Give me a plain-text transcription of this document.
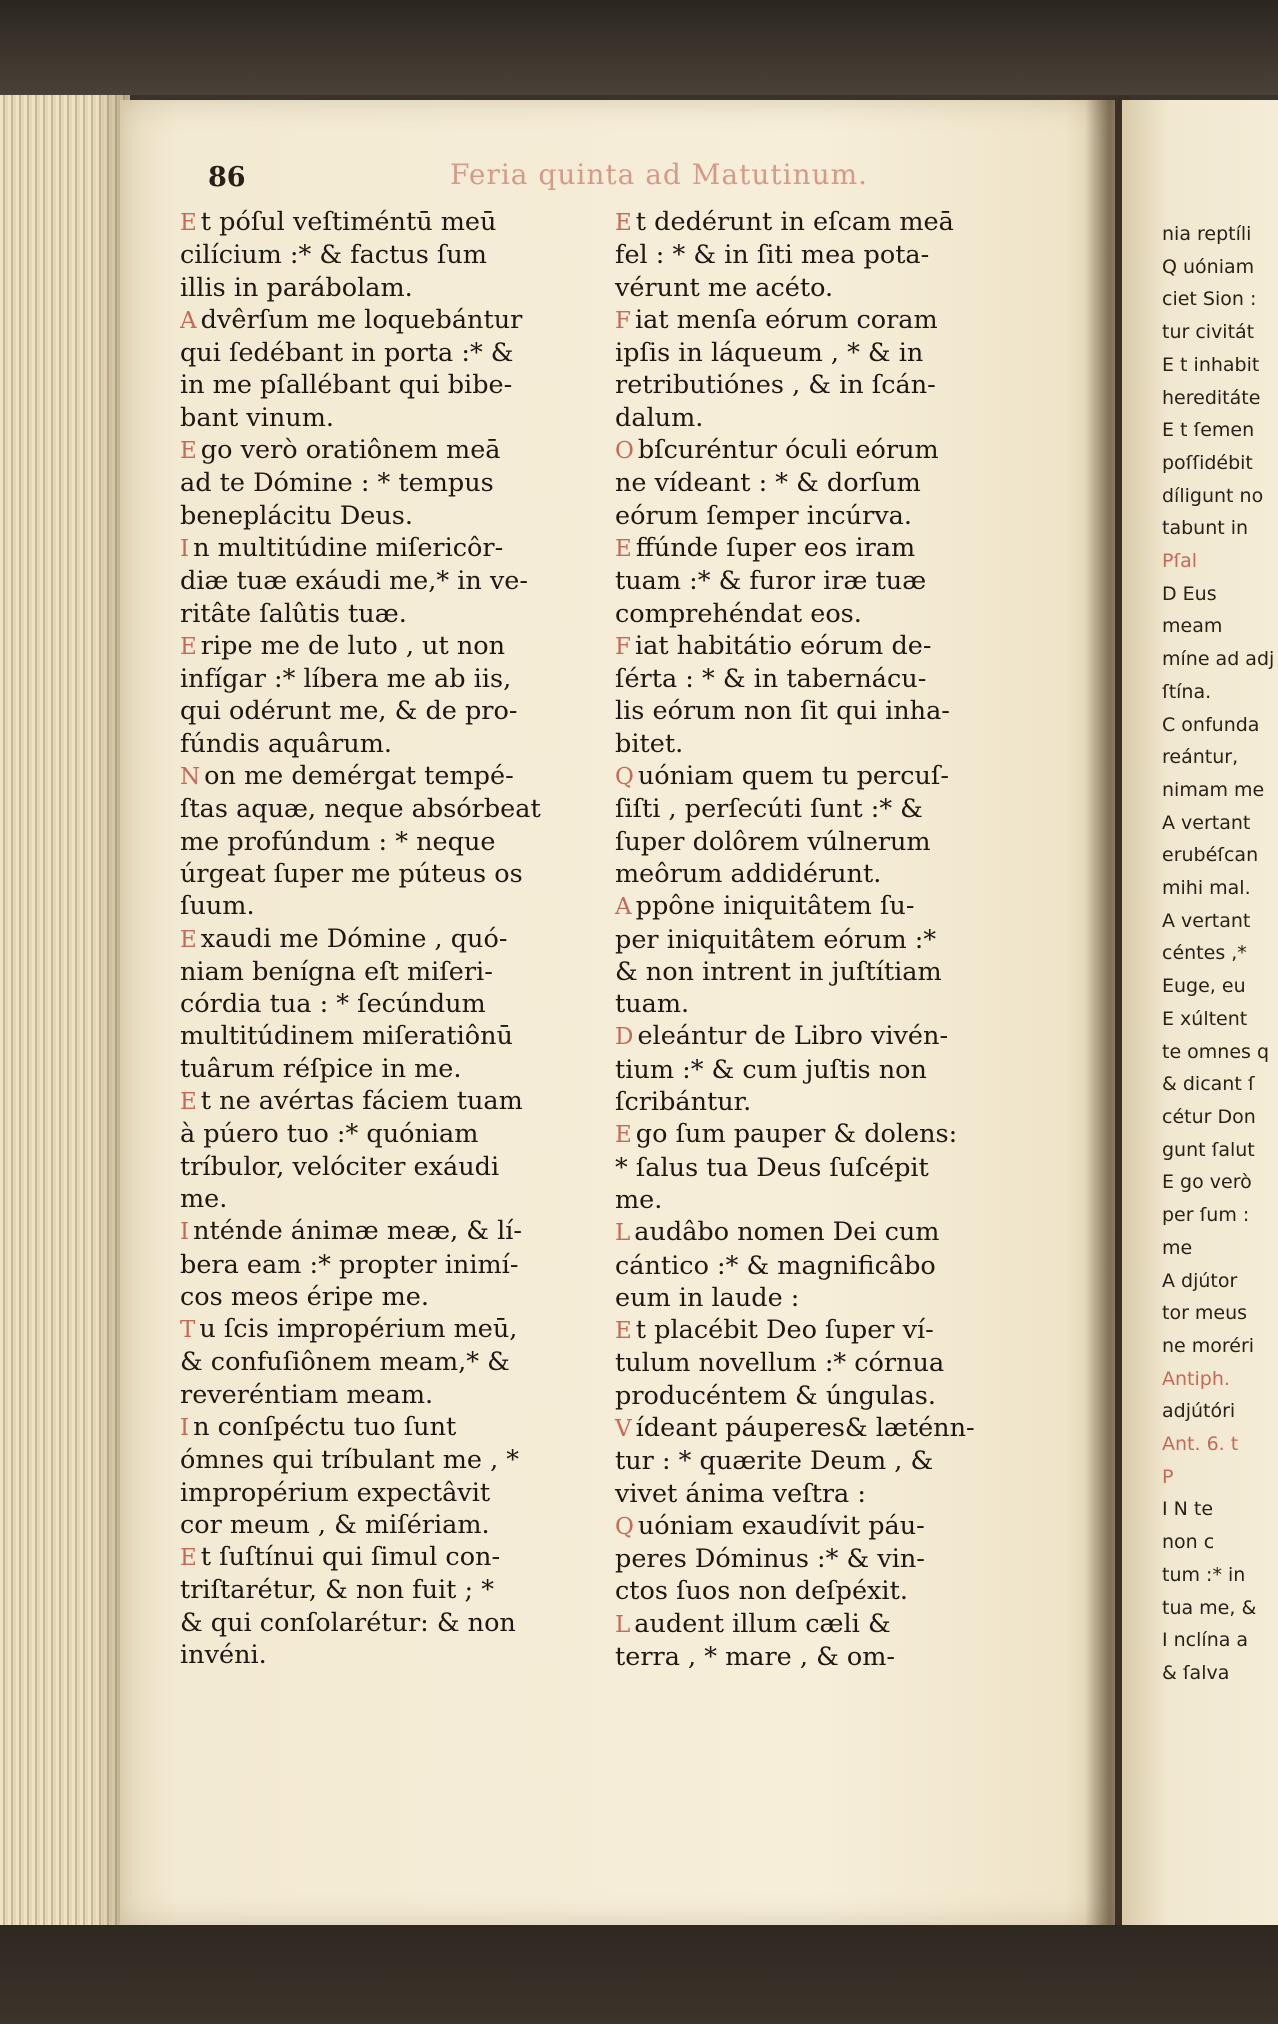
86	Feria quinta ad Matutinum.
E t póſul veſtiméntū meū
cilícium :* & factus ſum
illis in parábolam.
A dvêrſum me loquebántur
qui ſedébant in porta :* &
in me pſallébant qui bibe-
bant vinum.
E go verò oratiônem meā
ad te Dómine : * tempus
beneplácitu Deus.
I n multitúdine miſericôr-
diæ tuæ exáudi me,* in ve-
ritâte ſalûtis tuæ.
E ripe me de luto , ut non
infígar :* líbera me ab iis,
qui odérunt me, & de pro-
fúndis aquârum.
N on me demérgat tempé-
ſtas aquæ, neque absórbeat
me profúndum : * neque
úrgeat ſuper me púteus os
ſuum.
E xaudi me Dómine , quó-
niam benígna eſt miſeri-
córdia tua : * ſecúndum
multitúdinem miſeratiônū
tuârum réſpice in me.
E t ne avértas fáciem tuam
à púero tuo :* quóniam
tríbulor, velóciter exáudi
me.
I nténde ánimæ meæ, & lí-
bera eam :* propter inimí-
cos meos éripe me.
T u ſcis impropérium meū,
& confuſiônem meam,* &
reveréntiam meam.
I n conſpéctu tuo ſunt
ómnes qui tríbulant me , *
impropérium expectâvit
cor meum , & miſériam.
E t ſuſtínui qui ſimul con-
triſtarétur, & non fuit ; *
& qui conſolarétur: & non
invéni.
E t dedérunt in eſcam meā
fel : * & in ſiti mea pota-
vérunt me acéto.
F iat menſa eórum coram
ipſis in láqueum , * & in
retributiónes , & in ſcán-
dalum.
O bſcuréntur óculi eórum
ne vídeant : * & dorſum
eórum ſemper incúrva.
E ffúnde ſuper eos iram
tuam :* & furor iræ tuæ
comprehéndat eos.
F iat habitátio eórum de-
ſérta : * & in tabernácu-
lis eórum non ſit qui inha-
bitet.
Q uóniam quem tu percuſ-
ſiſti , perſecúti ſunt :* &
ſuper dolôrem vúlnerum
meôrum addidérunt.
A ppône iniquitâtem ſu-
per iniquitâtem eórum :*
& non intrent in juſtítiam
tuam.
D eleántur de Libro vivén-
tium :* & cum juſtis non
ſcribántur.
E go ſum pauper & dolens:
* ſalus tua Deus ſuſcépit
me.
L audâbo nomen Dei cum
cántico :* & magnificâbo
eum in laude :
E t placébit Deo ſuper ví-
tulum novellum :* córnua
producéntem & úngulas.
V ídeant páuperes& læténn-
tur : * quærite Deum , &
vivet ánima veſtra :
Q uóniam exaudívit páu-
peres Dóminus :* & vin-
ctos ſuos non deſpéxit.
L audent illum cæli &
terra , * mare , & om-
nia reptíli
Q uóniam
ciet Sion :
tur civitát
E t inhabit
hereditáte
E t ſemen
poſſidébit
díligunt no
tabunt in
Pſal
D Eus
meam
míne ad adj
ſtína.
C onfunda
reántur,
nimam me
A vertant
erubéſcan
mihi mal.
A vertant
céntes ,*
Euge, eu
E xúltent
te omnes q
& dicant ſ
cétur Don
gunt ſalut
E go verò
per ſum :
me
A djútor
tor meus
ne moréri
Antiph.
adjútóri
Ant. 6. t
P
I N te
non c
tum :* in
tua me, &
I nclína a
& ſalva
